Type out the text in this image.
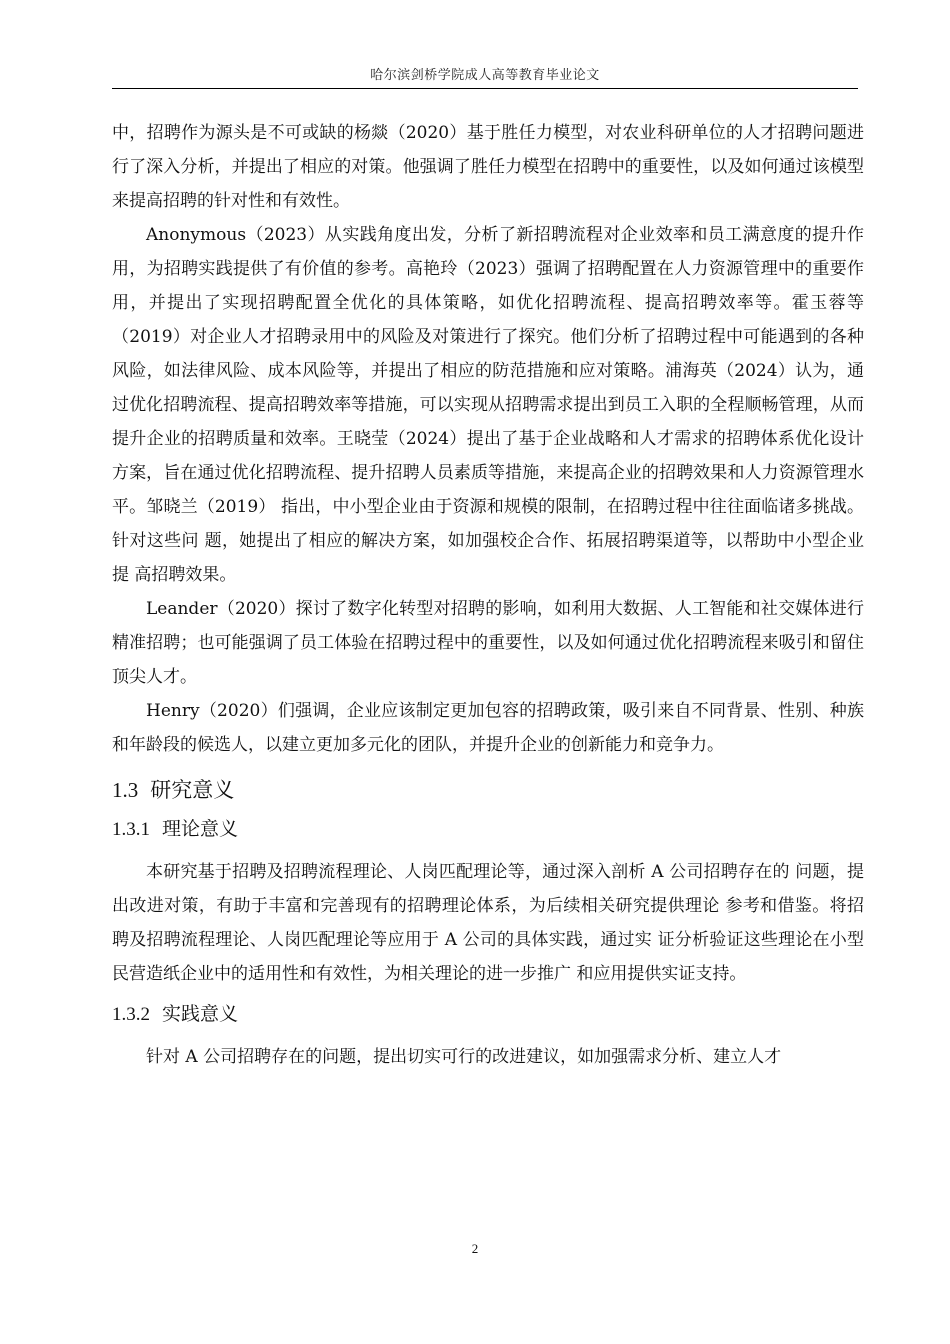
哈尔滨剑桥学院成人高等教育毕业论文

中，招聘作为源头是不可或缺的杨燚（2020）基于胜任力模型，对农业科研单位的人才招聘问题进行了深入分析，并提出了相应的对策。他强调了胜任力模型在招聘中的重要性，以及如何通过该模型来提高招聘的针对性和有效性。

Anonymous（2023）从实践角度出发，分析了新招聘流程对企业效率和员工满意度的提升作用，为招聘实践提供了有价值的参考。高艳玲（2023）强调了招聘配置在人力资源管理中的重要作用，并提出了实现招聘配置全优化的具体策略，如优化招聘流程、提高招聘效率等。霍玉蓉等（2019）对企业人才招聘录用中的风险及对策进行了探究。他们分析了招聘过程中可能遇到的各种风险，如法律风险、成本风险等，并提出了相应的防范措施和应对策略。浦海英（2024）认为，通过优化招聘流程、提高招聘效率等措施，可以实现从招聘需求提出到员工入职的全程顺畅管理，从而提升企业的招聘质量和效率。王晓莹（2024）提出了基于企业战略和人才需求的招聘体系优化设计方案，旨在通过优化招聘流程、提升招聘人员素质等措施，来提高企业的招聘效果和人力资源管理水平。邹晓兰（2019） 指出，中小型企业由于资源和规模的限制，在招聘过程中往往面临诸多挑战。针对这些问 题，她提出了相应的解决方案，如加强校企合作、拓展招聘渠道等，以帮助中小型企业提 高招聘效果。

Leander（2020）探讨了数字化转型对招聘的影响，如利用大数据、人工智能和社交媒体进行精准招聘；也可能强调了员工体验在招聘过程中的重要性，以及如何通过优化招聘流程来吸引和留住顶尖人才。

Henry（2020）们强调，企业应该制定更加包容的招聘政策，吸引来自不同背景、性别、种族和年龄段的候选人，以建立更加多元化的团队，并提升企业的创新能力和竞争力。

1.3 研究意义
1.3.1 理论意义

本研究基于招聘及招聘流程理论、人岗匹配理论等，通过深入剖析 A 公司招聘存在的 问题，提出改进对策，有助于丰富和完善现有的招聘理论体系，为后续相关研究提供理论 参考和借鉴。将招聘及招聘流程理论、人岗匹配理论等应用于 A 公司的具体实践，通过实 证分析验证这些理论在小型民营造纸企业中的适用性和有效性，为相关理论的进一步推广 和应用提供实证支持。

1.3.2 实践意义

针对 A 公司招聘存在的问题，提出切实可行的改进建议，如加强需求分析、建立人才

2
